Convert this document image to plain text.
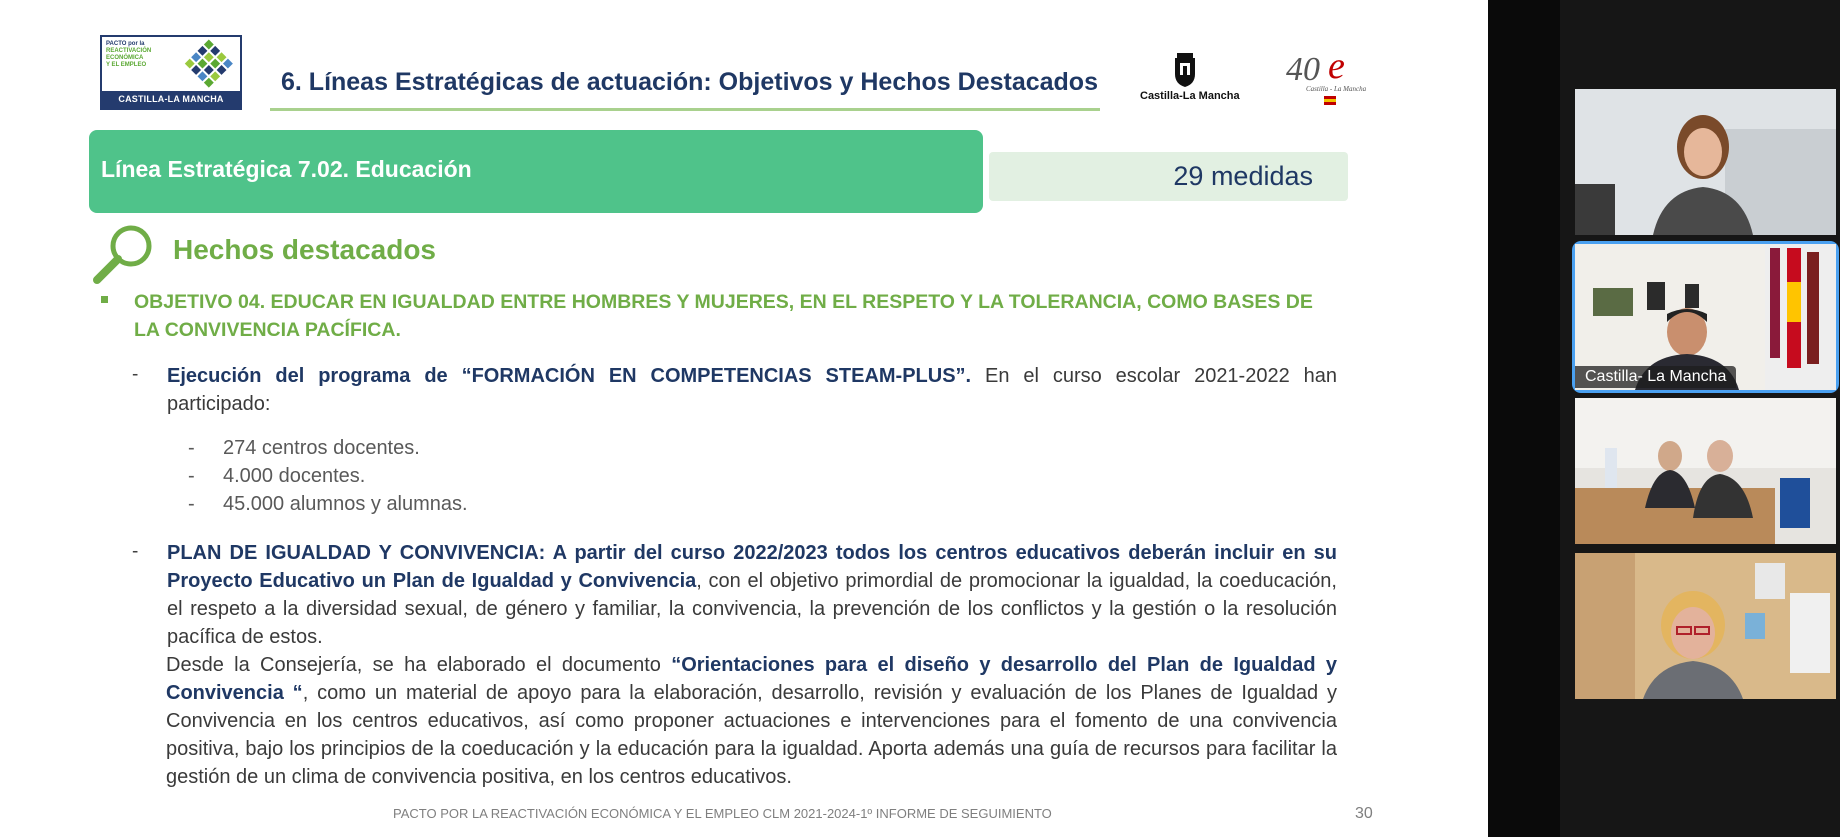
PACTO por la
REACTIVACIÓN ECONÓMICA
Y EL EMPLEO
CASTILLA-LA MANCHA 2021>2024
6. Líneas Estratégicas de actuación: Objetivos y Hechos Destacados	Castilla-La Mancha
40 e
Castilla - La Mancha
Línea Estratégica 7.02. Educación	29 medidas
Hechos destacados
OBJETIVO 04. EDUCAR EN IGUALDAD ENTRE HOMBRES Y MUJERES, EN EL RESPETO Y LA TOLERANCIA, COMO BASES DE LA CONVIVENCIA PACÍFICA.
- Ejecución del programa de “FORMACIÓN EN COMPETENCIAS STEAM-PLUS”. En el curso escolar 2021-2022 han participado:
- 274 centros docentes.
- 4.000 docentes.
- 45.000 alumnos y alumnas.
- PLAN DE IGUALDAD Y CONVIVENCIA: A partir del curso 2022/2023 todos los centros educativos deberán incluir en su Proyecto Educativo un Plan de Igualdad y Convivencia, con el objetivo primordial de promocionar la igualdad, la coeducación, el respeto a la diversidad sexual, de género y familiar, la convivencia, la prevención de los conflictos y la gestión o la resolución pacífica de estos.
Desde la Consejería, se ha elaborado el documento “Orientaciones para el diseño y desarrollo del Plan de Igualdad y Convivencia “, como un material de apoyo para la elaboración, desarrollo, revisión y evaluación de los Planes de Igualdad y Convivencia en los centros educativos, así como proponer actuaciones e intervenciones para el fomento de una convivencia positiva, bajo los principios de la coeducación y la educación para la igualdad. Aporta además una guía de recursos para facilitar la gestión de un clima de convivencia positiva, en los centros educativos.
PACTO POR LA REACTIVACIÓN ECONÓMICA Y EL EMPLEO CLM 2021-2024-1º INFORME DE SEGUIMIENTO	30
Castilla- La Mancha
